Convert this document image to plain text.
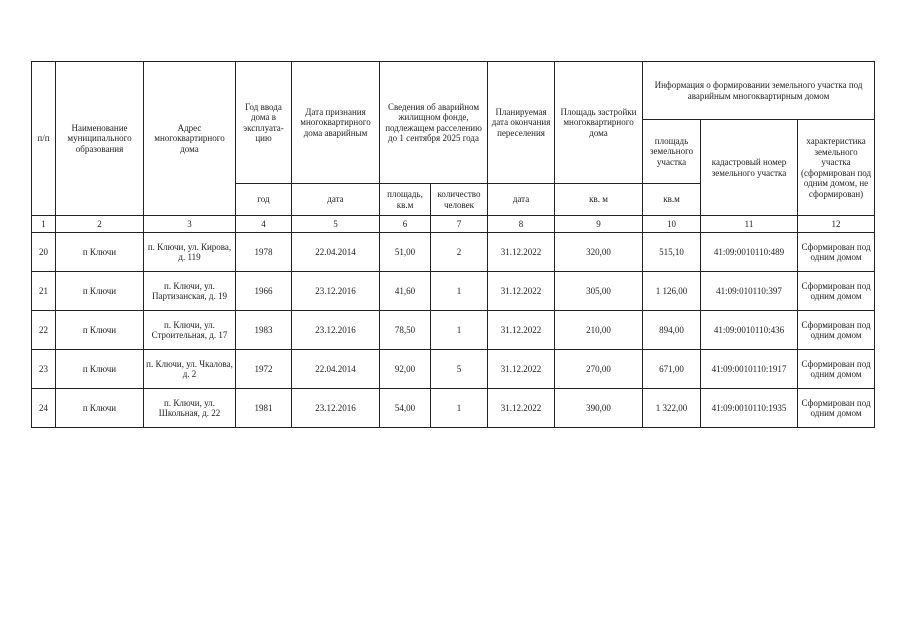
п/п	Наименование муниципального образования	Адрес многоквартирного дома	Год ввода дома в эксплуата-цию	Дата признания многоквартирного дома аварийным	Сведения об аварийном жилищном фонде, подлежащем расселению до 1 сентября 2025 года		Планируемая дата окончания переселения	Площадь застройки многоквартирного дома	Информация о формировании земельного участка под аварийным многоквартирным домом		
									площадь земельного участка	кадастровый номер земельного участка	характеристика земельного участка (сформирован под одним домом, не сформирован)
			год	дата	площадь, кв.м	количество человек	дата	кв. м	кв.м		
1	2	3	4	5	6	7	8	9	10	11	12
20	п Ключи	п. Ключи, ул. Кирова, д. 119	1978	22.04.2014	51,00	2	31.12.2022	320,00	515,10	41:09:0010110:489	Сформирован под одним домом
21	п Ключи	п. Ключи, ул. Партизанская, д. 19	1966	23.12.2016	41,60	1	31.12.2022	305,00	1 126,00	41:09:010110:397	Сформирован под одним домом
22	п Ключи	п. Ключи, ул. Строительная, д. 17	1983	23.12.2016	78,50	1	31.12.2022	210,00	894,00	41:09:0010110:436	Сформирован под одним домом
23	п Ключи	п. Ключи, ул. Чкалова, д. 2	1972	22.04.2014	92,00	5	31.12.2022	270,00	671,00	41:09:0010110:1917	Сформирован под одним домом
24	п Ключи	п. Ключи, ул. Школьная, д. 22	1981	23.12.2016	54,00	1	31.12.2022	390,00	1 322,00	41:09:0010110:1935	Сформирован под одним домом
